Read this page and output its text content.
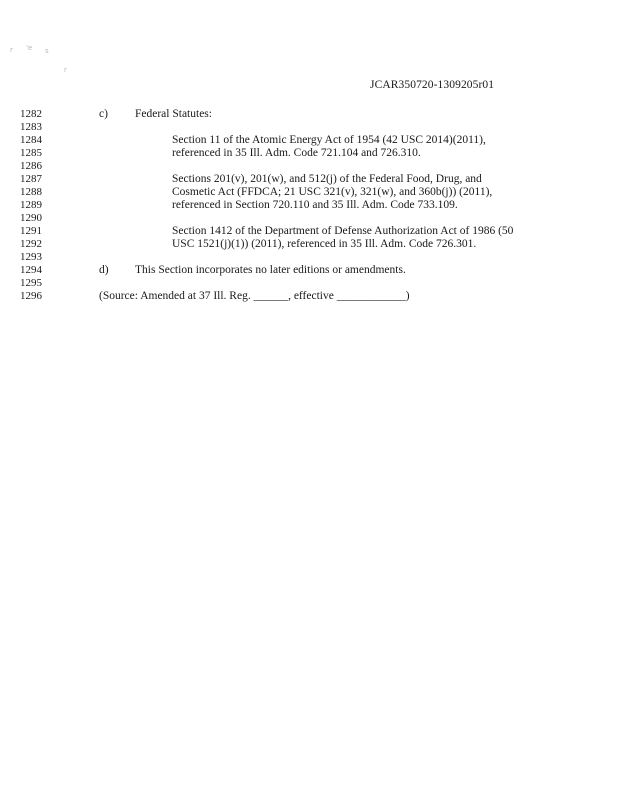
r 'e s
r
JCAR350720-1309205r01
1282
1283
1284
1285
1286
1287
1288
1289
1290
1291
1292
1293
1294
1295
1296
c) Federal Statutes:
Section 11 of the Atomic Energy Act of 1954 (42 USC 2014)(2011),
referenced in 35 Ill. Adm. Code 721.104 and 726.310.
Sections 201(v), 201(w), and 512(j) of the Federal Food, Drug, and
Cosmetic Act (FFDCA; 21 USC 321(v), 321(w), and 360b(j)) (2011),
referenced in Section 720.110 and 35 Ill. Adm. Code 733.109.
Section 1412 of the Department of Defense Authorization Act of 1986 (50
USC 1521(j)(1)) (2011), referenced in 35 Ill. Adm. Code 726.301.
d) This Section incorporates no later editions or amendments.
(Source: Amended at 37 Ill. Reg. ______, effective ____________)
